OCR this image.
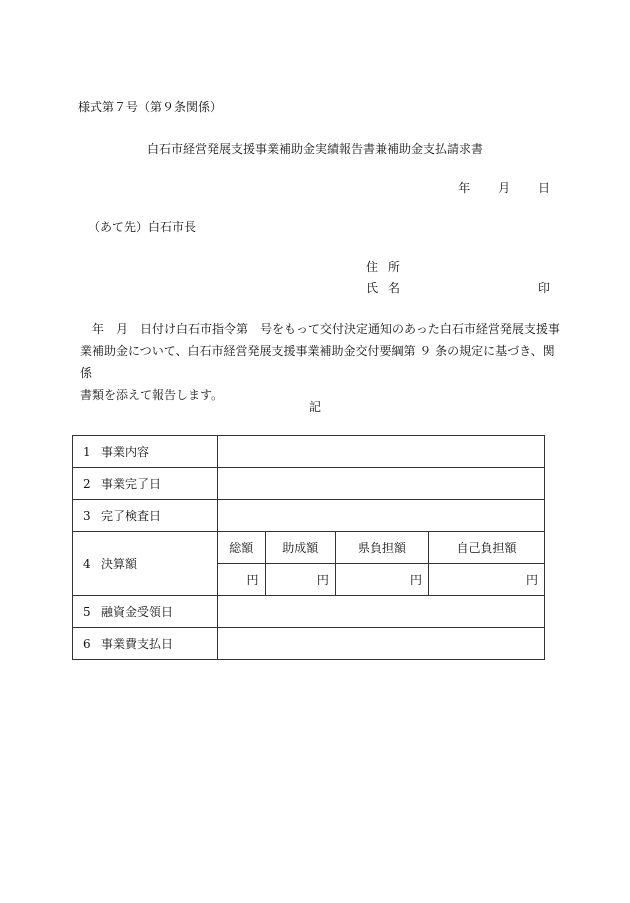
様式第７号（第９条関係）
白石市経営発展支援事業補助金実績報告書兼補助金支払請求書
年 月 日
（あて先）白石市長
住所
氏名	印

　年　月　日付け白石市指令第　号をもって交付決定通知のあった白石市経営発展支援事

業補助金について、白石市経営発展支援事業補助金交付要綱第 ９ 条の規定に基づき、関係

書類を添えて報告します。

記
1 事業内容				
2 事業完了日				
3 完了検査日				
4 決算額	総額	助成額	県負担額	自己負担額
	円	円	円	円
5 融資金受領日				
6 事業費支払日				
